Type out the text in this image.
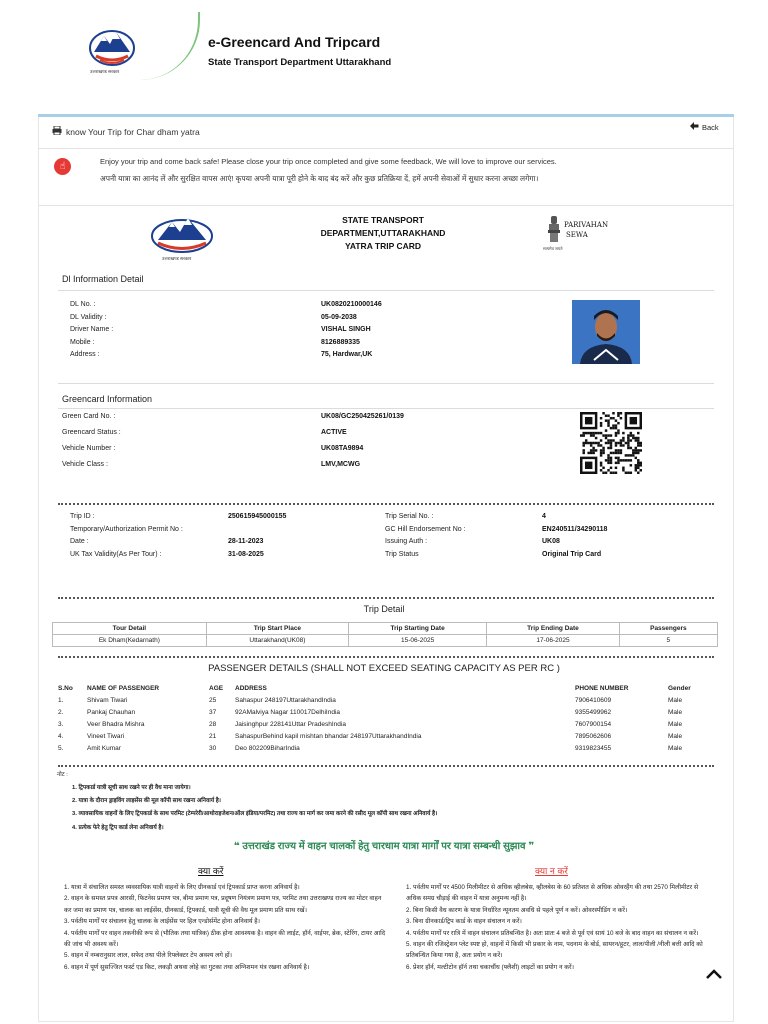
उत्तराखण्ड सरकार
e-Greencard And Tripcard
State Transport Department Uttarakhand
know Your Trip for Char dham yatra	Back
☝	Enjoy your trip and come back safe! Please close your trip once completed and give some feedback, We will love to improve our services.
अपनी यात्रा का आनंद लें और सुरक्षित वापस आएं! कृपया अपनी यात्रा पूरी होने के बाद बंद करें और कुछ प्रतिक्रिया दें, हमें अपनी सेवाओं में सुधार करना अच्छा लगेगा।
उत्तराखण्ड सरकार
STATE TRANSPORT
DEPARTMENT,UTTARAKHAND
YATRA TRIP CARD	सत्यमेव जयते
PARIVAHAN
SEWA
Dl Information Detail
DL No. :	UK0820210000146
DL Validity :	05-09-2038
Driver Name :	VISHAL SINGH
Mobile :	8126889335
Address :	75, Hardwar,UK
Greencard Information
Green Card No. :	UK08/GC250425261/0139
Greencard Status :	ACTIVE
Vehicle Number :	UK08TA9894
Vehicle Class :	LMV,MCWG
Trip ID :	250615945000155
Temporary/Authorization Permit No :
Date :	28-11-2023
UK Tax Validity(As Per Tour) :	31-08-2025
Trip Serial No. :	4
GC Hill Endorsement No :	EN240511/34290118
Issuing Auth :	UK08
Trip Status	Original Trip Card
Trip Detail
Tour Detail	Trip Start Place	Trip Starting Date	Trip Ending Date	Passengers
Ek Dham(Kedarnath)	Uttarakhand(UK08)	15-06-2025	17-06-2025	5
PASSENGER DETAILS (SHALL NOT EXCEED SEATING CAPACITY AS PER RC )
S.No	NAME OF PASSENGER	AGE	ADDRESS	PHONE NUMBER	Gender
1.	Shivam Tiwari	25	Sahaspur 248197UttarakhandIndia	7906410609	Male
2.	Pankaj Chauhan	37	92AMalviya Nagar 110017DelhiIndia	9355499962	Male
3.	Veer Bhadra Mishra	28	Jaisinghpur 228141Uttar PradeshIndia	7607900154	Male
4.	Vineet Tiwari	21	SahaspurBehind kapil mishtan bhandar 248197UttarakhandIndia	7895062606	Male
5.	Amit Kumar	30	Deo 802209BiharIndia	9319823455	Male
नोट :
1. ट्रिपकार्ड यात्री सूची साथ रखने पर ही वैध माना जायेगा।
2. यात्रा के दौरान ड्राइविंग लाइसेंस की मूल कॉपी साथ रखना अनिवार्य है।
3. व्यावसायिक वाहनों के लिए ट्रिपकार्ड के साथ परमिट (टेम्परेरी/आथोराइजेशन/ऑल इंडिया/परमिट) तथा राज्य का मार्ग कर जमा करने की रसीद मूल कॉपी साथ रखना अनिवार्य है।
4. प्रत्येक फेरे हेतु ट्रिप कार्ड लेना अनिवार्य है।
❝ उत्तराखंड राज्य में वाहन चालकों हेतु चारधाम यात्रा मार्गों पर यात्रा सम्बन्धी सुझाव ❞
क्या करें	क्या न करें
1. यात्रा में संचालित समस्त व्यवसायिक यात्री वाहनों के लिए ग्रीनकार्ड एवं ट्रिपकार्ड प्राप्त करना अनिवार्य है।
2. वाहन के समस्त प्रपत्र आरसी, फिटनेस प्रमाण पत्र, बीमा प्रमाण पत्र, प्रदूषण नियंत्रण प्रमाण पत्र, परमिट तथा उत्तराखण्ड राज्य का मोटर वाहन कर जमा का प्रमाण पत्र, चालक का लाईसेंस, ग्रीनकार्ड, ट्रिपकार्ड, यात्री सूची की वैध मूल प्रमाण प्रति साथ रखें।
3. पर्वतीय मार्गों पर संचालन हेतु चालक के लाईसेंस पर हिल एन्डोर्समेंट होना अनिवार्य है।
4. पर्वतीय मार्गों पर वाहन तकनीकी रूप से (भौतिक तथा यांत्रिक) ठीक होना आवश्यक है। वाहन की लाईट, हॉर्न, वाईपर, ब्रेक, स्टेरिंग, टायर आदि की जांच भी अवश्य करें।
5. वाहन में नम्बरानुसार लाल, सफेद तथा पीले रिफ्लेक्टर टेप अवश्य लगे हों।
6. वाहन में पूर्ण सुसज्जित फर्स्ट एड किट, लकड़ी अथवा लोहे का गुटका तथा अग्निशमन यंत्र रखना अनिवार्य है।
1. पर्वतीय मार्गों पर 4500 मिलीमीटर से अधिक व्हीलबेस, व्हीलबेस के 60 प्रतिशत से अधिक ओवरहैंग की तथा 2570 मिलीमीटर से अधिक समग्र चौड़ाई की वाहन में यात्रा अनुमन्य नहीं है।
2. बिना किसी वैध कारण के यात्रा निर्धारित न्यूनतम अवधि से पहले पूर्ण न करें। ओवरस्पीडिंग न करें।
3. बिना ग्रीनकार्ड/ट्रिप कार्ड के वाहन संचालन न करें।
4. पर्वतीय मार्गों पर रात्रि में वाहन संचालन प्रतिबन्धित है। अतः प्रातः 4 बजे से पूर्व एवं सायं 10 बजे के बाद वाहन का संचालन न करें।
5. वाहन की रजिस्ट्रेशन प्लेट स्पष्ट हो, वाहनों में किसी भी प्रकार के नाम, पदनाम के बोर्ड, सायरन/हूटर, लाल/पीली /नीली बत्ती आदि को प्रतिबन्धित किया गया है, अतः प्रयोग न करें।
6. प्रेशर हॉर्न, मल्टीटोन हॉर्न तथा चकाचौंध (फ्लैशी) लाइटों का प्रयोग न करें।
